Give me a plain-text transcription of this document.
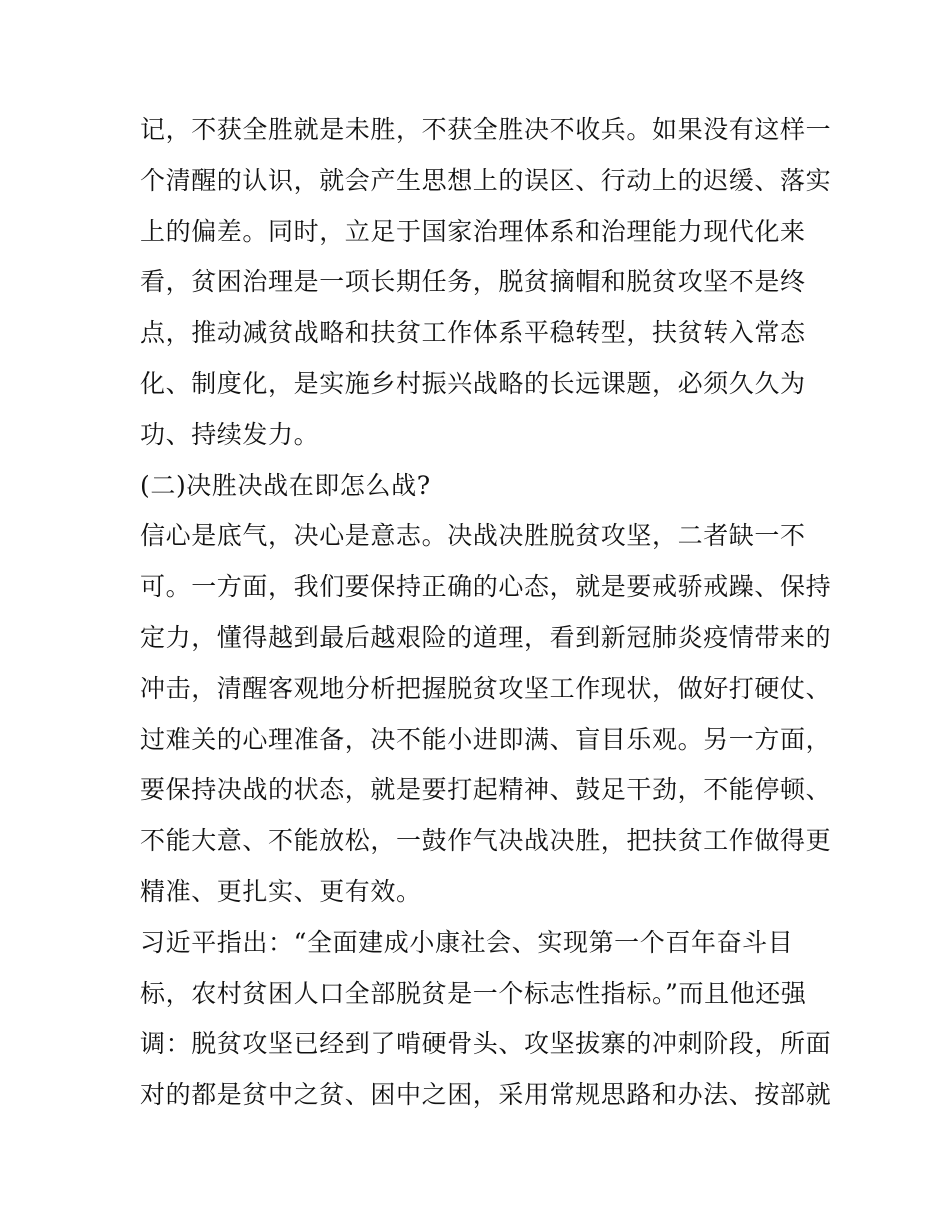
记，不获全胜就是未胜，不获全胜决不收兵。如果没有这样一
个清醒的认识，就会产生思想上的误区、行动上的迟缓、落实
上的偏差。同时，立足于国家治理体系和治理能力现代化来
看，贫困治理是一项长期任务，脱贫摘帽和脱贫攻坚不是终
点，推动减贫战略和扶贫工作体系平稳转型，扶贫转入常态
化、制度化，是实施乡村振兴战略的长远课题，必须久久为
功、持续发力。
(二)决胜决战在即怎么战?
信心是底气，决心是意志。决战决胜脱贫攻坚，二者缺一不
可。一方面，我们要保持正确的心态，就是要戒骄戒躁、保持
定力，懂得越到最后越艰险的道理，看到新冠肺炎疫情带来的
冲击，清醒客观地分析把握脱贫攻坚工作现状，做好打硬仗、
过难关的心理准备，决不能小进即满、盲目乐观。另一方面，
要保持决战的状态，就是要打起精神、鼓足干劲，不能停顿、
不能大意、不能放松，一鼓作气决战决胜，把扶贫工作做得更
精准、更扎实、更有效。
习近平指出：“全面建成小康社会、实现第一个百年奋斗目
标，农村贫困人口全部脱贫是一个标志性指标。”而且他还强
调：脱贫攻坚已经到了啃硬骨头、攻坚拔寨的冲刺阶段，所面
对的都是贫中之贫、困中之困，采用常规思路和办法、按部就
